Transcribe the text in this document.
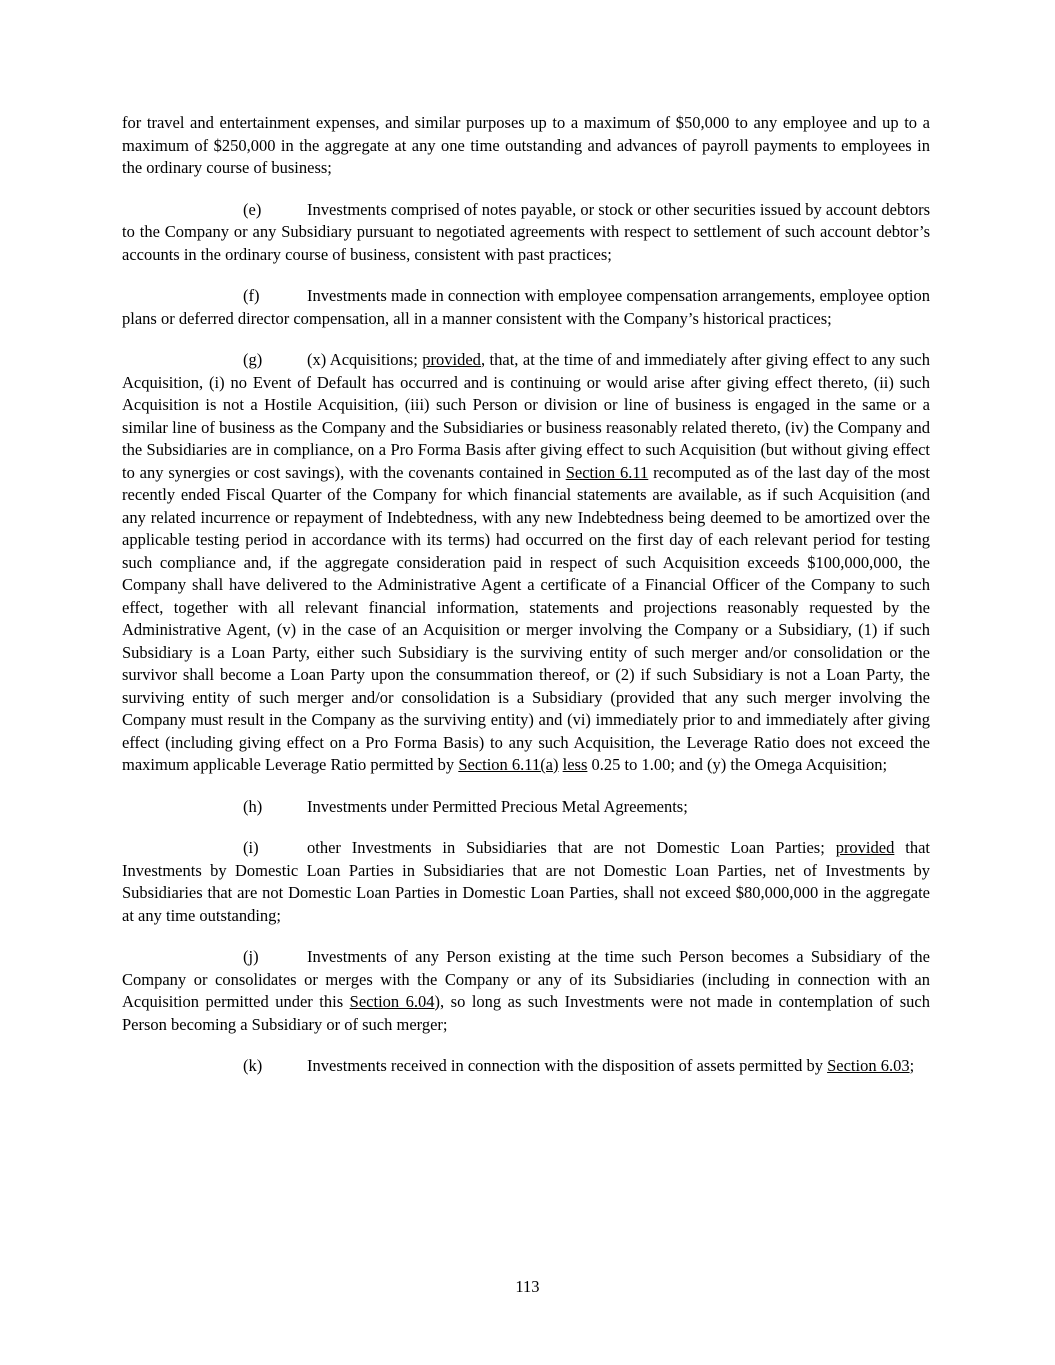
for travel and entertainment expenses, and similar purposes up to a maximum of $50,000 to any employee and up to a maximum of $250,000 in the aggregate at any one time outstanding and advances of payroll payments to employees in the ordinary course of business;

(e)	Investments comprised of notes payable, or stock or other securities issued by account debtors to the Company or any Subsidiary pursuant to negotiated agreements with respect to settlement of such account debtor’s accounts in the ordinary course of business, consistent with past practices;

(f)	Investments made in connection with employee compensation arrangements, employee option plans or deferred director compensation, all in a manner consistent with the Company’s historical practices;

(g)	(x) Acquisitions; provided, that, at the time of and immediately after giving effect to any such Acquisition, (i) no Event of Default has occurred and is continuing or would arise after giving effect thereto, (ii) such Acquisition is not a Hostile Acquisition, (iii) such Person or division or line of business is engaged in the same or a similar line of business as the Company and the Subsidiaries or business reasonably related thereto, (iv) the Company and the Subsidiaries are in compliance, on a Pro Forma Basis after giving effect to such Acquisition (but without giving effect to any synergies or cost savings), with the covenants contained in Section 6.11 recomputed as of the last day of the most recently ended Fiscal Quarter of the Company for which financial statements are available, as if such Acquisition (and any related incurrence or repayment of Indebtedness, with any new Indebtedness being deemed to be amortized over the applicable testing period in accordance with its terms) had occurred on the first day of each relevant period for testing such compliance and, if the aggregate consideration paid in respect of such Acquisition exceeds $100,000,000, the Company shall have delivered to the Administrative Agent a certificate of a Financial Officer of the Company to such effect, together with all relevant financial information, statements and projections reasonably requested by the Administrative Agent, (v) in the case of an Acquisition or merger involving the Company or a Subsidiary, (1) if such Subsidiary is a Loan Party, either such Subsidiary is the surviving entity of such merger and/or consolidation or the survivor shall become a Loan Party upon the consummation thereof, or (2) if such Subsidiary is not a Loan Party, the surviving entity of such merger and/or consolidation is a Subsidiary (provided that any such merger involving the Company must result in the Company as the surviving entity) and (vi) immediately prior to and immediately after giving effect (including giving effect on a Pro Forma Basis) to any such Acquisition, the Leverage Ratio does not exceed the maximum applicable Leverage Ratio permitted by Section 6.11(a) less 0.25 to 1.00; and (y) the Omega Acquisition;

(h)	Investments under Permitted Precious Metal Agreements;

(i)	other Investments in Subsidiaries that are not Domestic Loan Parties; provided that Investments by Domestic Loan Parties in Subsidiaries that are not Domestic Loan Parties, net of Investments by Subsidiaries that are not Domestic Loan Parties in Domestic Loan Parties, shall not exceed $80,000,000 in the aggregate at any time outstanding;

(j)	Investments of any Person existing at the time such Person becomes a Subsidiary of the Company or consolidates or merges with the Company or any of its Subsidiaries (including in connection with an Acquisition permitted under this Section 6.04), so long as such Investments were not made in contemplation of such Person becoming a Subsidiary or of such merger;

(k)	Investments received in connection with the disposition of assets permitted by Section 6.03;

113
